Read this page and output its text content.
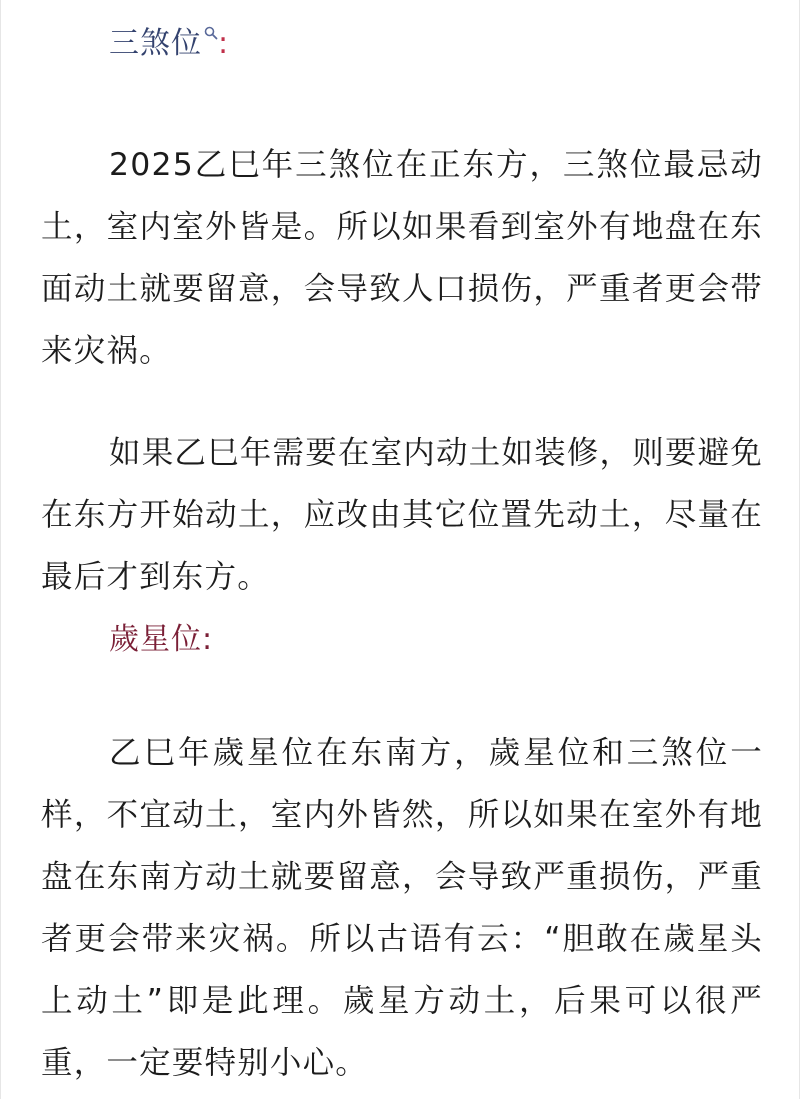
三煞位 :

2025乙巳年三煞位在正东方，三煞位最忌动土，室内室外皆是。所以如果看到室外有地盘在东面动土就要留意，会导致人口损伤，严重者更会带来灾祸。

如果乙巳年需要在室内动土如装修，则要避免在东方开始动土，应改由其它位置先动土，尽量在最后才到东方。

歲星位:

乙巳年歲星位在东南方，歲星位和三煞位一样，不宜动土，室内外皆然，所以如果在室外有地盘在东南方动土就要留意，会导致严重损伤，严重者更会带来灾祸。所以古语有云：“胆敢在歲星头上动土”即是此理。歲星方动土，后果可以很严重，一定要特别小心。
